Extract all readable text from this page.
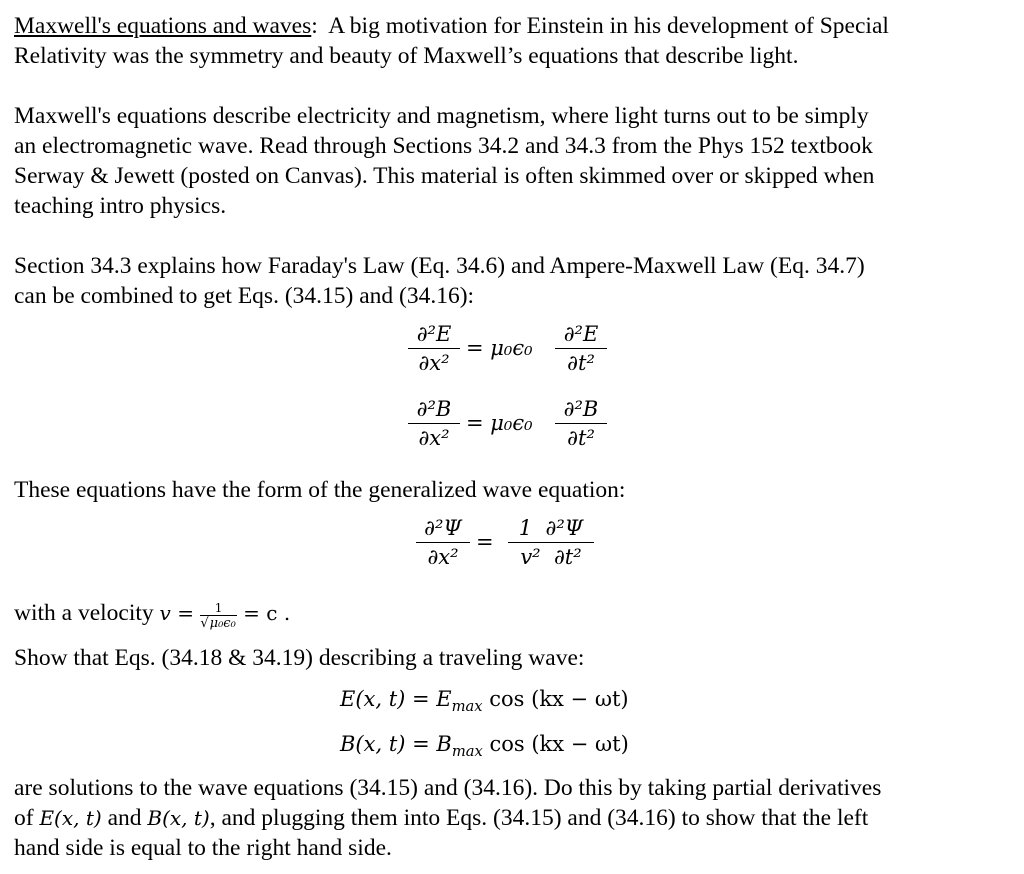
Maxwell's equations and waves:  A big motivation for Einstein in his development of Special
Relativity was the symmetry and beauty of Maxwell’s equations that describe light.
Maxwell's equations describe electricity and magnetism, where light turns out to be simply
an electromagnetic wave. Read through Sections 34.2 and 34.3 from the Phys 152 textbook
Serway & Jewett (posted on Canvas). This material is often skimmed over or skipped when
teaching intro physics.
Section 34.3 explains how Faraday's Law (Eq. 34.6) and Ampere-Maxwell Law (Eq. 34.7)
can be combined to get Eqs. (34.15) and (34.16):
∂²E
∂x²
= μ₀ϵ₀
∂²E
∂t²
∂²B
∂x²
= μ₀ϵ₀
∂²B
∂t²
These equations have the form of the generalized wave equation:
∂²Ψ
∂x²
=
1  ∂²Ψ
v²  ∂t²
with a velocity $v = \frac{1}{\text{√μ₀ϵ₀}} = c$ .
Show that Eqs. (34.18 & 34.19) describing a traveling wave:
E(x, $t) = E_{max}$ cos (kx − ωt)
B(x, $t) = B_{max}$ cos (kx − ωt)
are solutions to the wave equations (34.15) and (34.16). Do this by taking partial derivatives
of E(x, t) and B(x, t), and plugging them into Eqs. (34.15) and (34.16) to show that the left
hand side is equal to the right hand side.
